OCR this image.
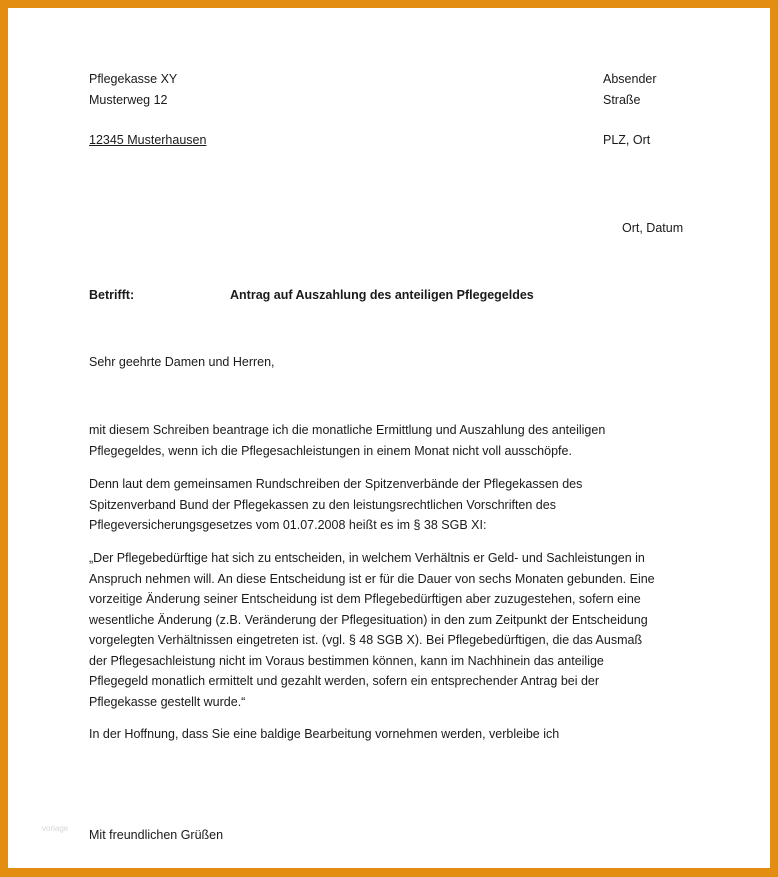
Pflegekasse XY
Musterweg 12
12345 Musterhausen
Absender
Straße
PLZ, Ort
Ort, Datum
Betrifft:	Antrag auf Auszahlung des anteiligen Pflegegeldes
Sehr geehrte Damen und Herren,
mit diesem Schreiben beantrage ich die monatliche Ermittlung und Auszahlung des anteiligen
Pflegegeldes, wenn ich die Pflegesachleistungen in einem Monat nicht voll ausschöpfe.
Denn laut dem gemeinsamen Rundschreiben der Spitzenverbände der Pflegekassen des
Spitzenverband Bund der Pflegekassen zu den leistungsrechtlichen Vorschriften des
Pflegeversicherungsgesetzes vom 01.07.2008 heißt es im § 38 SGB XI:
„Der Pflegebedürftige hat sich zu entscheiden, in welchem Verhältnis er Geld- und Sachleistungen in
Anspruch nehmen will. An diese Entscheidung ist er für die Dauer von sechs Monaten gebunden. Eine
vorzeitige Änderung seiner Entscheidung ist dem Pflegebedürftigen aber zuzugestehen, sofern eine
wesentliche Änderung (z.B. Veränderung der Pflegesituation) in den zum Zeitpunkt der Entscheidung
vorgelegten Verhältnissen eingetreten ist. (vgl. § 48 SGB X). Bei Pflegebedürftigen, die das Ausmaß
der Pflegesachleistung nicht im Voraus bestimmen können, kann im Nachhinein das anteilige
Pflegegeld monatlich ermittelt und gezahlt werden, sofern ein entsprechender Antrag bei der
Pflegekasse gestellt wurde.“
In der Hoffnung, dass Sie eine baldige Bearbeitung vornehmen werden, verbleibe ich
vorlage Mit freundlichen Grüßen
